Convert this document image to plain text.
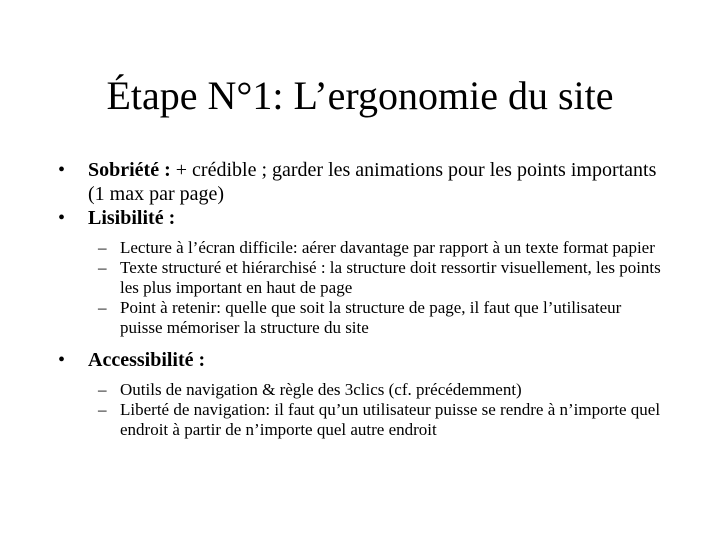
Étape N°1: L’ergonomie du site
•	Sobriété : + crédible ; garder les animations pour les points importants (1 max par page)
•	Lisibilité :
– Lecture à l’écran difficile: aérer davantage par rapport à un texte format papier
– Texte structuré et hiérarchisé : la structure doit ressortir visuellement, les points les plus important en haut de page
– Point à retenir: quelle que soit la structure de page, il faut que l’utilisateur puisse mémoriser la structure du site
•	Accessibilité :
– Outils de navigation & règle des 3clics (cf. précédemment)
– Liberté de navigation: il faut qu’un utilisateur puisse se rendre à n’importe quel endroit à partir de n’importe quel autre endroit
